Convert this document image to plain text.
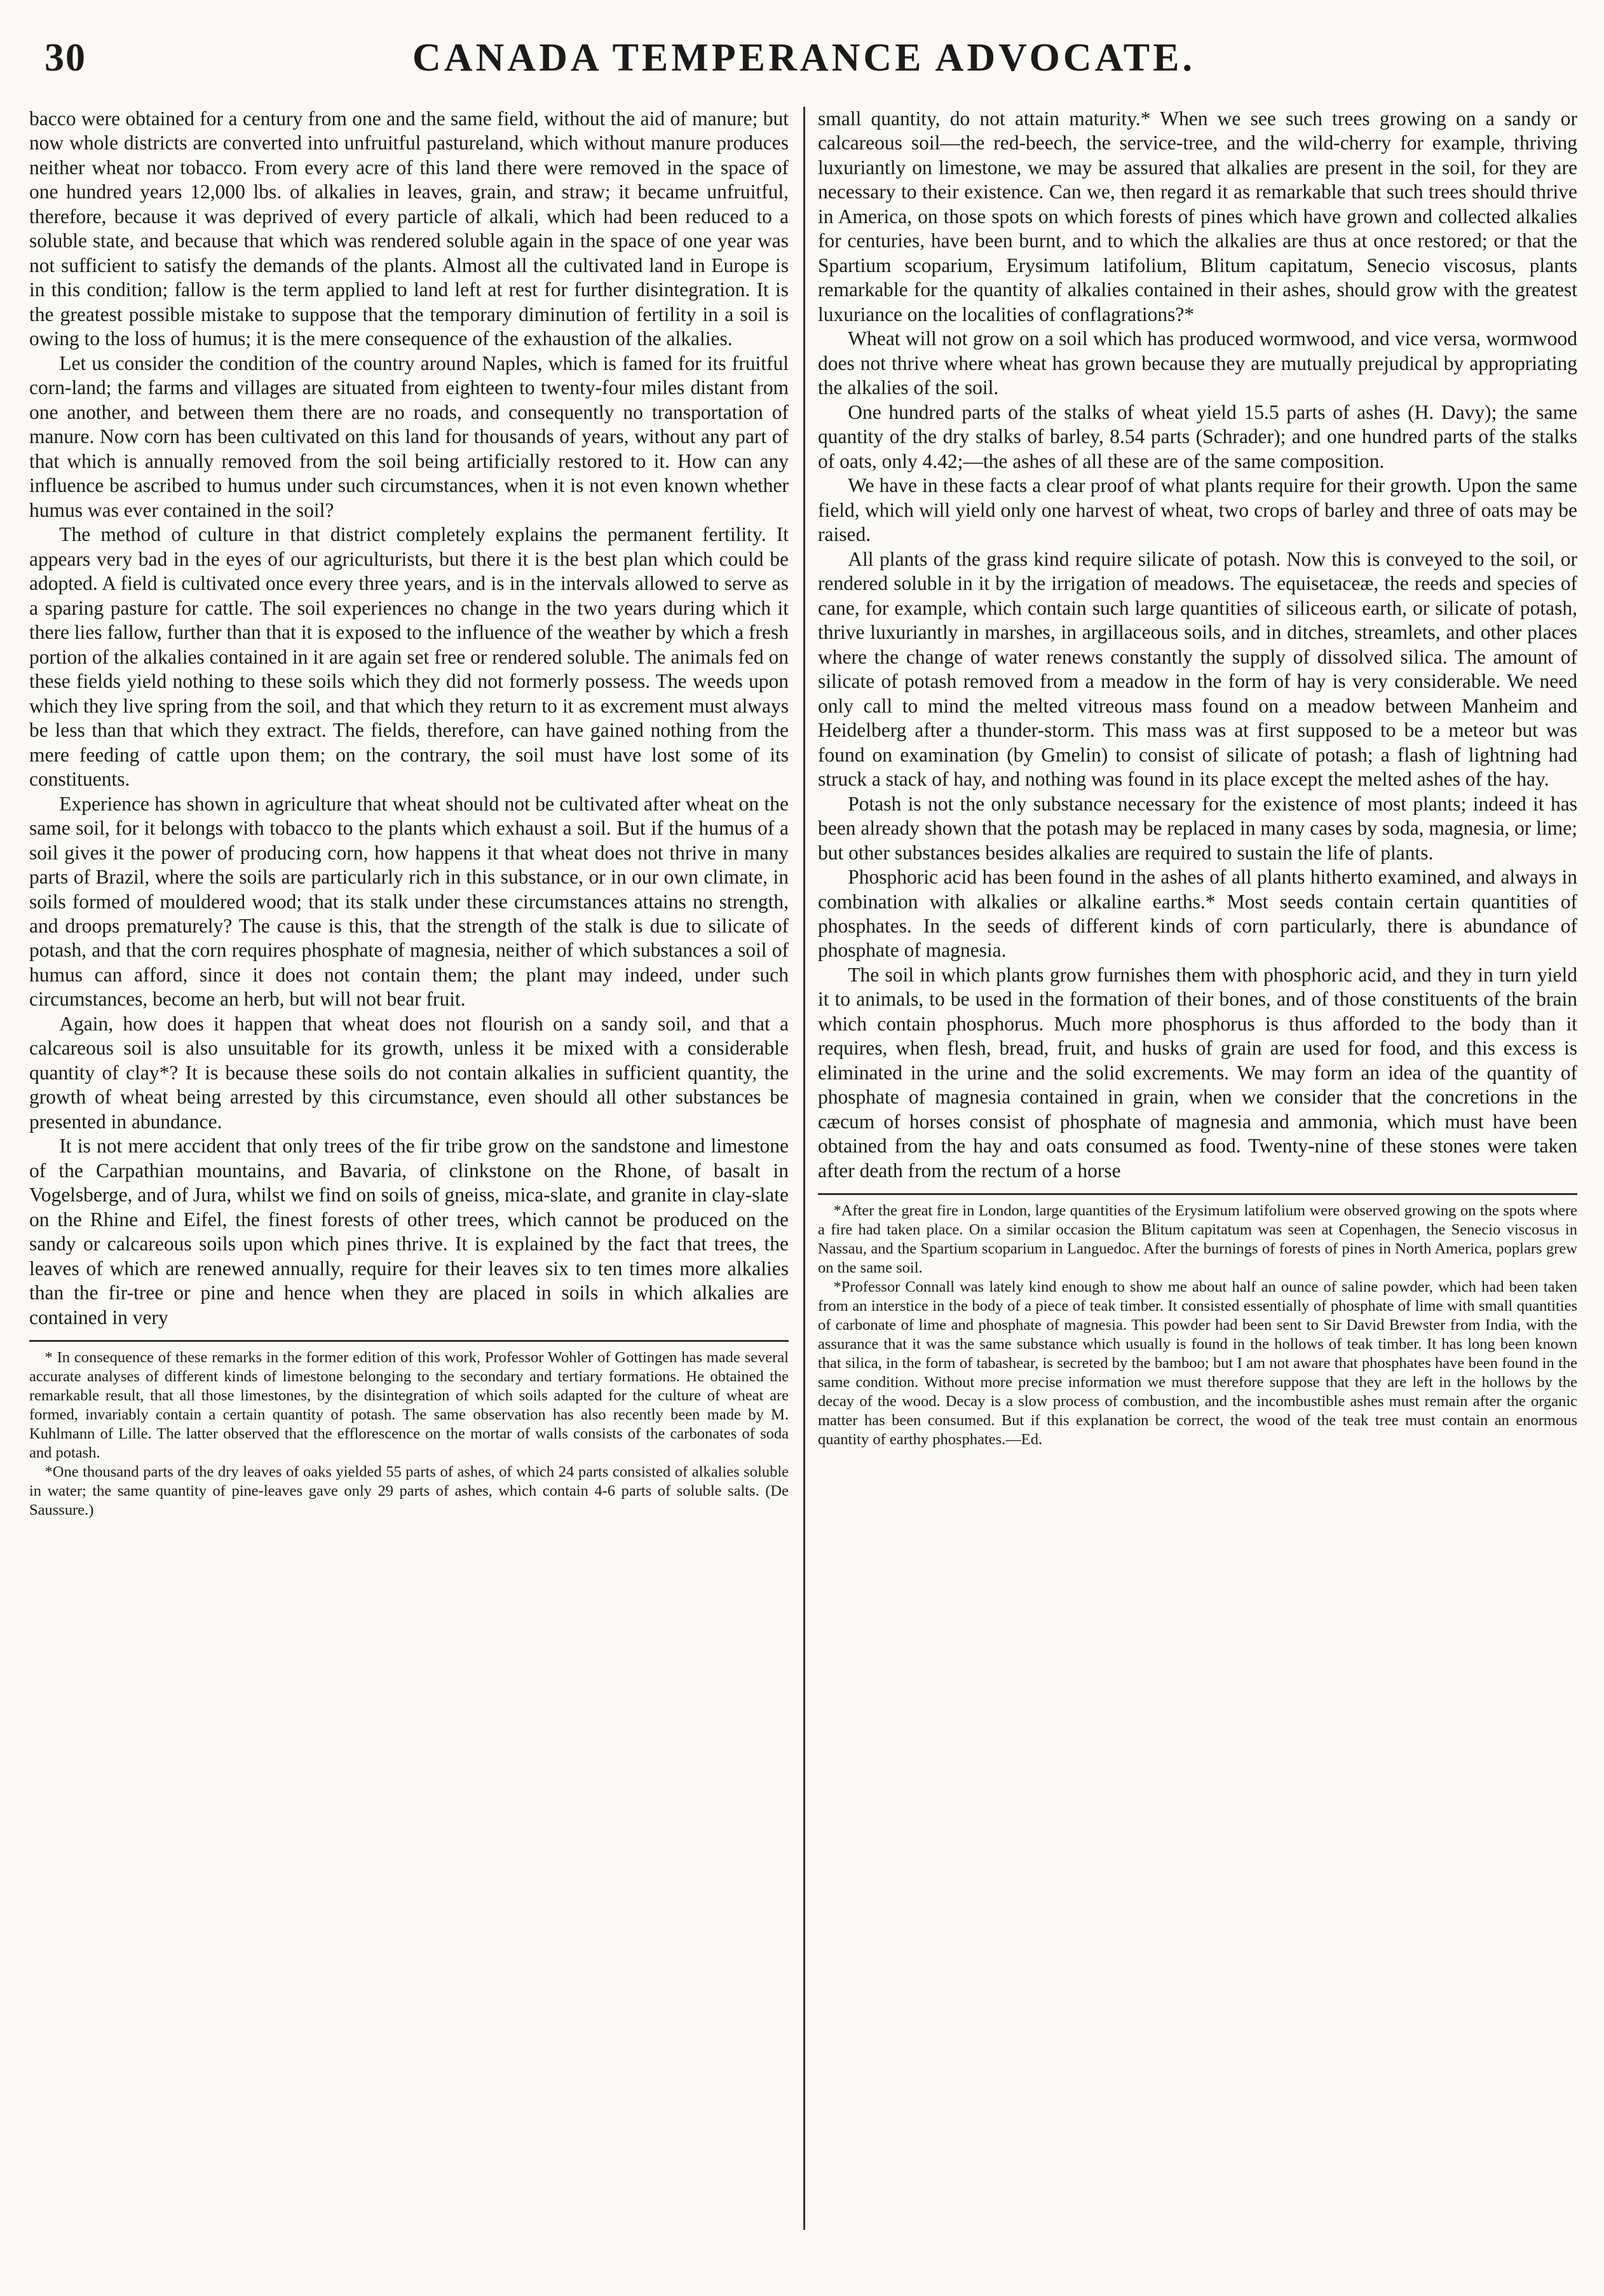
30	CANADA TEMPERANCE ADVOCATE.

bacco were obtained for a century from one and the same field, without the aid of manure; but now whole districts are converted into unfruitful pastureland, which without manure produces neither wheat nor tobacco. From every acre of this land there were removed in the space of one hundred years 12,000 lbs. of alkalies in leaves, grain, and straw; it became unfruitful, therefore, because it was deprived of every particle of alkali, which had been reduced to a soluble state, and because that which was rendered soluble again in the space of one year was not sufficient to satisfy the demands of the plants. Almost all the cultivated land in Europe is in this condition; fallow is the term applied to land left at rest for further disintegration. It is the greatest possible mistake to suppose that the temporary diminution of fertility in a soil is owing to the loss of humus; it is the mere consequence of the exhaustion of the alkalies.

Let us consider the condition of the country around Naples, which is famed for its fruitful corn-land; the farms and villages are situated from eighteen to twenty-four miles distant from one another, and between them there are no roads, and consequently no transportation of manure. Now corn has been cultivated on this land for thousands of years, without any part of that which is annually removed from the soil being artificially restored to it. How can any influence be ascribed to humus under such circumstances, when it is not even known whether humus was ever contained in the soil?

The method of culture in that district completely explains the permanent fertility. It appears very bad in the eyes of our agriculturists, but there it is the best plan which could be adopted. A field is cultivated once every three years, and is in the intervals allowed to serve as a sparing pasture for cattle. The soil experiences no change in the two years during which it there lies fallow, further than that it is exposed to the influence of the weather by which a fresh portion of the alkalies contained in it are again set free or rendered soluble. The animals fed on these fields yield nothing to these soils which they did not formerly possess. The weeds upon which they live spring from the soil, and that which they return to it as excrement must always be less than that which they extract. The fields, therefore, can have gained nothing from the mere feeding of cattle upon them; on the contrary, the soil must have lost some of its constituents.

Experience has shown in agriculture that wheat should not be cultivated after wheat on the same soil, for it belongs with tobacco to the plants which exhaust a soil. But if the humus of a soil gives it the power of producing corn, how happens it that wheat does not thrive in many parts of Brazil, where the soils are particularly rich in this substance, or in our own climate, in soils formed of mouldered wood; that its stalk under these circumstances attains no strength, and droops prematurely? The cause is this, that the strength of the stalk is due to silicate of potash, and that the corn requires phosphate of magnesia, neither of which substances a soil of humus can afford, since it does not contain them; the plant may indeed, under such circumstances, become an herb, but will not bear fruit.

Again, how does it happen that wheat does not flourish on a sandy soil, and that a calcareous soil is also unsuitable for its growth, unless it be mixed with a considerable quantity of clay*? It is because these soils do not contain alkalies in sufficient quantity, the growth of wheat being arrested by this circumstance, even should all other substances be presented in abundance.

It is not mere accident that only trees of the fir tribe grow on the sandstone and limestone of the Carpathian mountains, and Bavaria, of clinkstone on the Rhone, of basalt in Vogelsberge, and of Jura, whilst we find on soils of gneiss, mica-slate, and granite in clay-slate on the Rhine and Eifel, the finest forests of other trees, which cannot be produced on the sandy or calcareous soils upon which pines thrive. It is explained by the fact that trees, the leaves of which are renewed annually, require for their leaves six to ten times more alkalies than the fir-tree or pine and hence when they are placed in soils in which alkalies are contained in very

* In consequence of these remarks in the former edition of this work, Professor Wohler of Gottingen has made several accurate analyses of different kinds of limestone belonging to the secondary and tertiary formations. He obtained the remarkable result, that all those limestones, by the disintegration of which soils adapted for the culture of wheat are formed, invariably contain a certain quantity of potash. The same observation has also recently been made by M. Kuhlmann of Lille. The latter observed that the efflorescence on the mortar of walls consists of the carbonates of soda and potash.

*One thousand parts of the dry leaves of oaks yielded 55 parts of ashes, of which 24 parts consisted of alkalies soluble in water; the same quantity of pine-leaves gave only 29 parts of ashes, which contain 4-6 parts of soluble salts. (De Saussure.)

small quantity, do not attain maturity.* When we see such trees growing on a sandy or calcareous soil—the red-beech, the service-tree, and the wild-cherry for example, thriving luxuriantly on limestone, we may be assured that alkalies are present in the soil, for they are necessary to their existence. Can we, then regard it as remarkable that such trees should thrive in America, on those spots on which forests of pines which have grown and collected alkalies for centuries, have been burnt, and to which the alkalies are thus at once restored; or that the Spartium scoparium, Erysimum latifolium, Blitum capitatum, Senecio viscosus, plants remarkable for the quantity of alkalies contained in their ashes, should grow with the greatest luxuriance on the localities of conflagrations?*

Wheat will not grow on a soil which has produced wormwood, and vice versa, wormwood does not thrive where wheat has grown because they are mutually prejudical by appropriating the alkalies of the soil.

One hundred parts of the stalks of wheat yield 15.5 parts of ashes (H. Davy); the same quantity of the dry stalks of barley, 8.54 parts (Schrader); and one hundred parts of the stalks of oats, only 4.42;—the ashes of all these are of the same composition.

We have in these facts a clear proof of what plants require for their growth. Upon the same field, which will yield only one harvest of wheat, two crops of barley and three of oats may be raised.

All plants of the grass kind require silicate of potash. Now this is conveyed to the soil, or rendered soluble in it by the irrigation of meadows. The equisetaceæ, the reeds and species of cane, for example, which contain such large quantities of siliceous earth, or silicate of potash, thrive luxuriantly in marshes, in argillaceous soils, and in ditches, streamlets, and other places where the change of water renews constantly the supply of dissolved silica. The amount of silicate of potash removed from a meadow in the form of hay is very considerable. We need only call to mind the melted vitreous mass found on a meadow between Manheim and Heidelberg after a thunder-storm. This mass was at first supposed to be a meteor but was found on examination (by Gmelin) to consist of silicate of potash; a flash of lightning had struck a stack of hay, and nothing was found in its place except the melted ashes of the hay.

Potash is not the only substance necessary for the existence of most plants; indeed it has been already shown that the potash may be replaced in many cases by soda, magnesia, or lime; but other substances besides alkalies are required to sustain the life of plants.

Phosphoric acid has been found in the ashes of all plants hitherto examined, and always in combination with alkalies or alkaline earths.* Most seeds contain certain quantities of phosphates. In the seeds of different kinds of corn particularly, there is abundance of phosphate of magnesia.

The soil in which plants grow furnishes them with phosphoric acid, and they in turn yield it to animals, to be used in the formation of their bones, and of those constituents of the brain which contain phosphorus. Much more phosphorus is thus afforded to the body than it requires, when flesh, bread, fruit, and husks of grain are used for food, and this excess is eliminated in the urine and the solid excrements. We may form an idea of the quantity of phosphate of magnesia contained in grain, when we consider that the concretions in the cæcum of horses consist of phosphate of magnesia and ammonia, which must have been obtained from the hay and oats consumed as food. Twenty-nine of these stones were taken after death from the rectum of a horse

*After the great fire in London, large quantities of the Erysimum latifolium were observed growing on the spots where a fire had taken place. On a similar occasion the Blitum capitatum was seen at Copenhagen, the Senecio viscosus in Nassau, and the Spartium scoparium in Languedoc. After the burnings of forests of pines in North America, poplars grew on the same soil.

*Professor Connall was lately kind enough to show me about half an ounce of saline powder, which had been taken from an interstice in the body of a piece of teak timber. It consisted essentially of phosphate of lime with small quantities of carbonate of lime and phosphate of magnesia. This powder had been sent to Sir David Brewster from India, with the assurance that it was the same substance which usually is found in the hollows of teak timber. It has long been known that silica, in the form of tabashear, is secreted by the bamboo; but I am not aware that phosphates have been found in the same condition. Without more precise information we must therefore suppose that they are left in the hollows by the decay of the wood. Decay is a slow process of combustion, and the incombustible ashes must remain after the organic matter has been consumed. But if this explanation be correct, the wood of the teak tree must contain an enormous quantity of earthy phosphates.—Ed.
